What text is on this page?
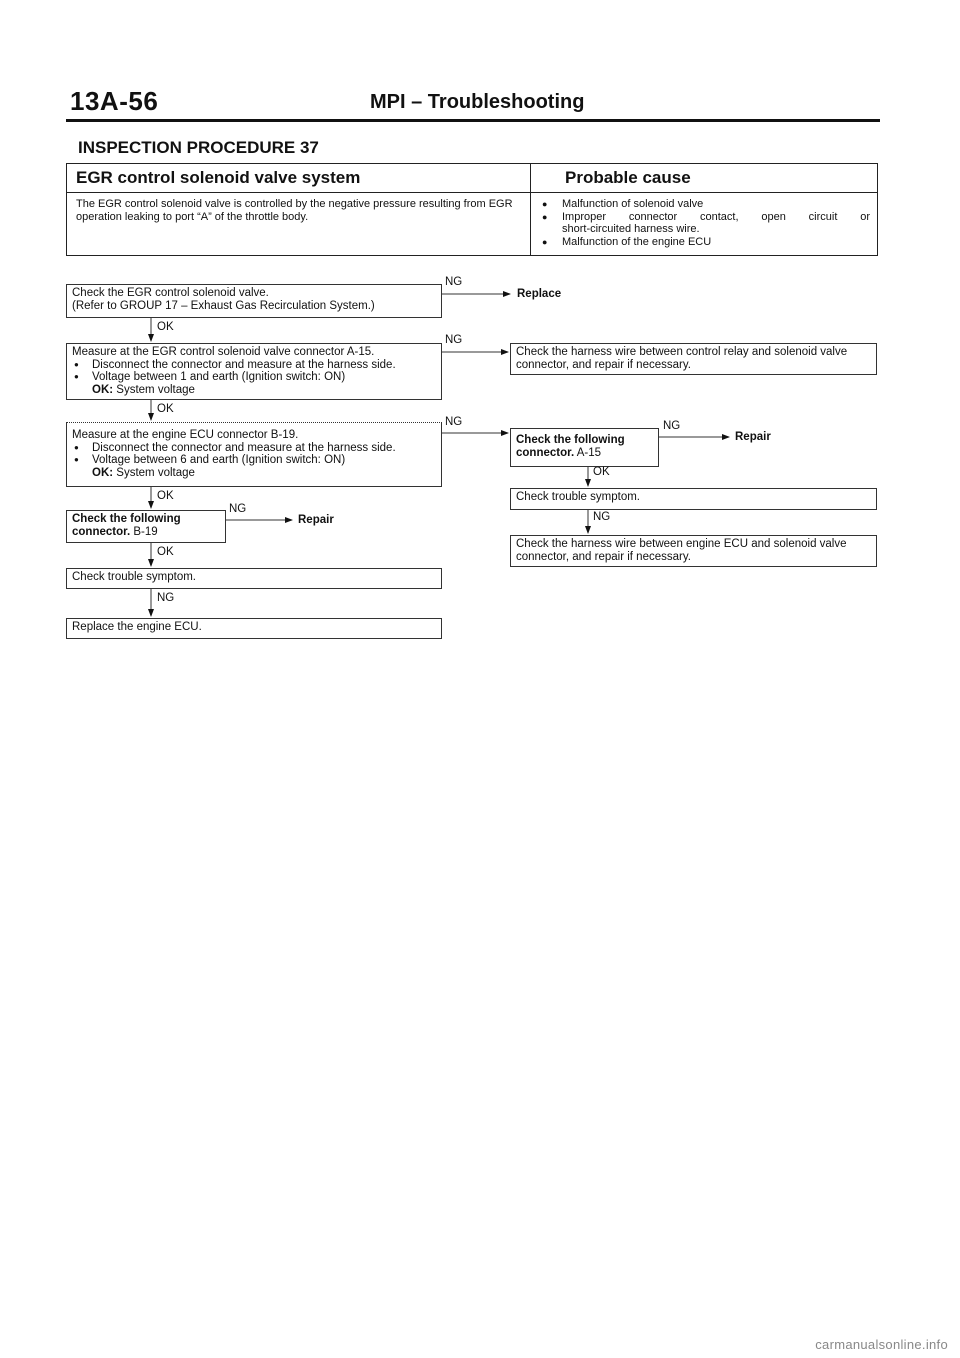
13A-56	MPI – Troubleshooting
INSPECTION PROCEDURE 37
EGR control solenoid valve system	Probable cause
The EGR control solenoid valve is controlled by the negative pressure resulting from EGR operation leaking to port “A” of the throttle body.
● Malfunction of solenoid valve
● Improper connector contact, open circuit or
short-circuited harness wire.
● Malfunction of the engine ECU
Check the EGR control solenoid valve.
(Refer to GROUP 17 – Exhaust Gas Recirculation System.)
NG
Replace
OK
Measure at the EGR control solenoid valve connector A-15.
● Disconnect the connector and measure at the harness side.
● Voltage between 1 and earth (Ignition switch: ON)
OK: System voltage
NG
Check the harness wire between control relay and solenoid valve
connector, and repair if necessary.
OK
Measure at the engine ECU connector B-19.
● Disconnect the connector and measure at the harness side.
● Voltage between 6 and earth (Ignition switch: ON)
OK: System voltage
NG
Check the following
connector. A-15
NG
Repair
OK
Check trouble symptom.
NG
Check the harness wire between engine ECU and solenoid valve
connector, and repair if necessary.
OK
Check the following
connector. B-19
NG
Repair
OK
Check trouble symptom.
NG
Replace the engine ECU.
carmanualsonline.info
